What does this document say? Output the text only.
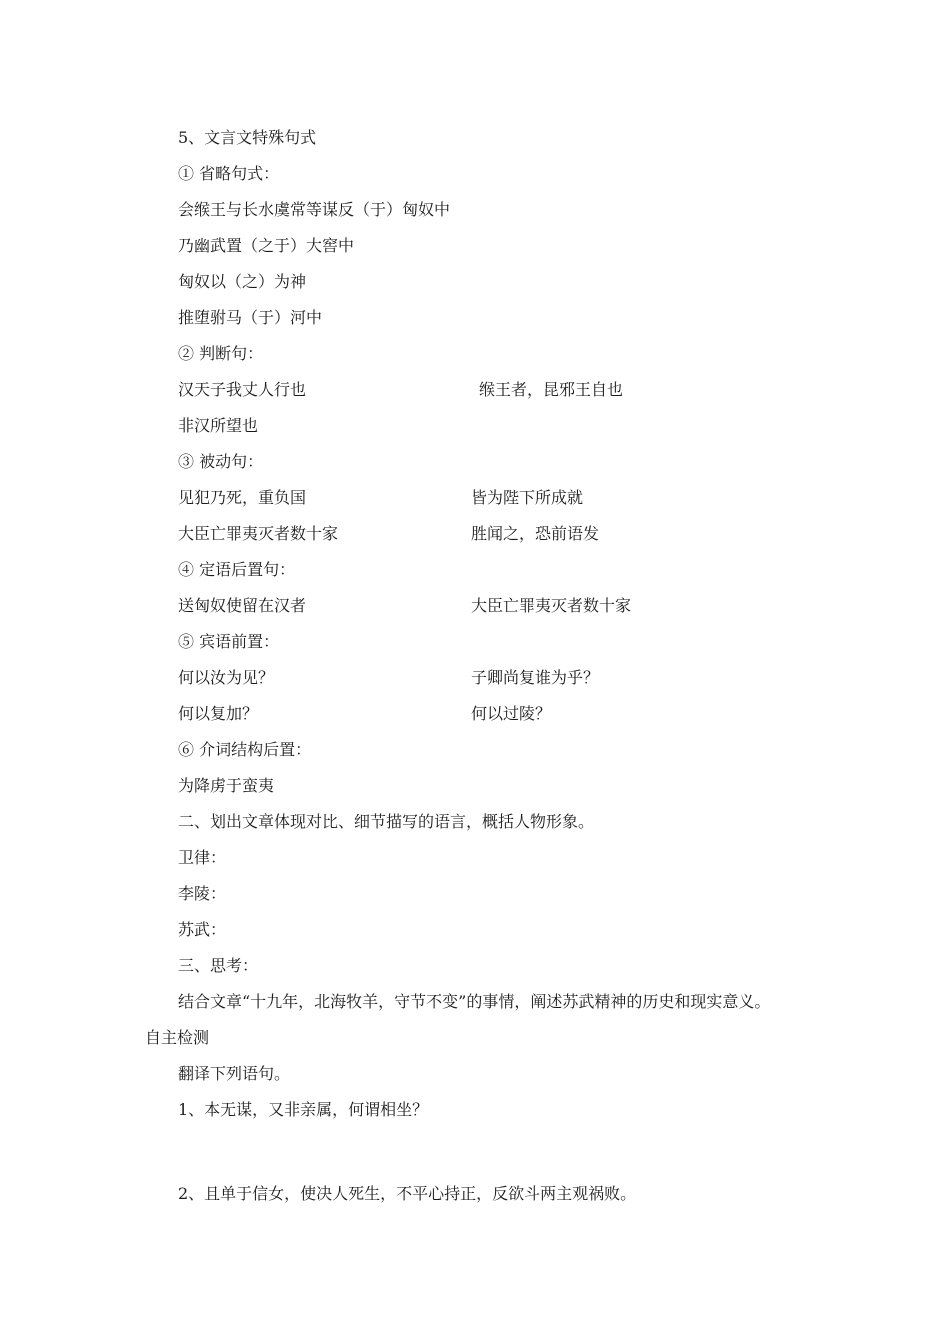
5、文言文特殊句式
① 省略句式：
会缑王与长水虞常等谋反（于）匈奴中
乃幽武置（之于）大窖中
匈奴以（之）为神
推堕驸马（于）河中
② 判断句：
汉天子我丈人行也	缑王者，昆邪王自也
非汉所望也
③ 被动句：
见犯乃死，重负国	皆为陛下所成就
大臣亡罪夷灭者数十家	胜闻之，恐前语发
④ 定语后置句：
送匈奴使留在汉者	大臣亡罪夷灭者数十家
⑤ 宾语前置：
何以汝为见？	子卿尚复谁为乎？
何以复加？	何以过陵？
⑥ 介词结构后置：
为降虏于蛮夷
二、划出文章体现对比、细节描写的语言，概括人物形象。
卫律：
李陵：
苏武：
三、思考：
结合文章“十九年，北海牧羊，守节不变”的事情，阐述苏武精神的历史和现实意义。
自主检测
翻译下列语句。
1、本无谋，又非亲属，何谓相坐？
2、且单于信女，使决人死生，不平心持正，反欲斗两主观祸败。
